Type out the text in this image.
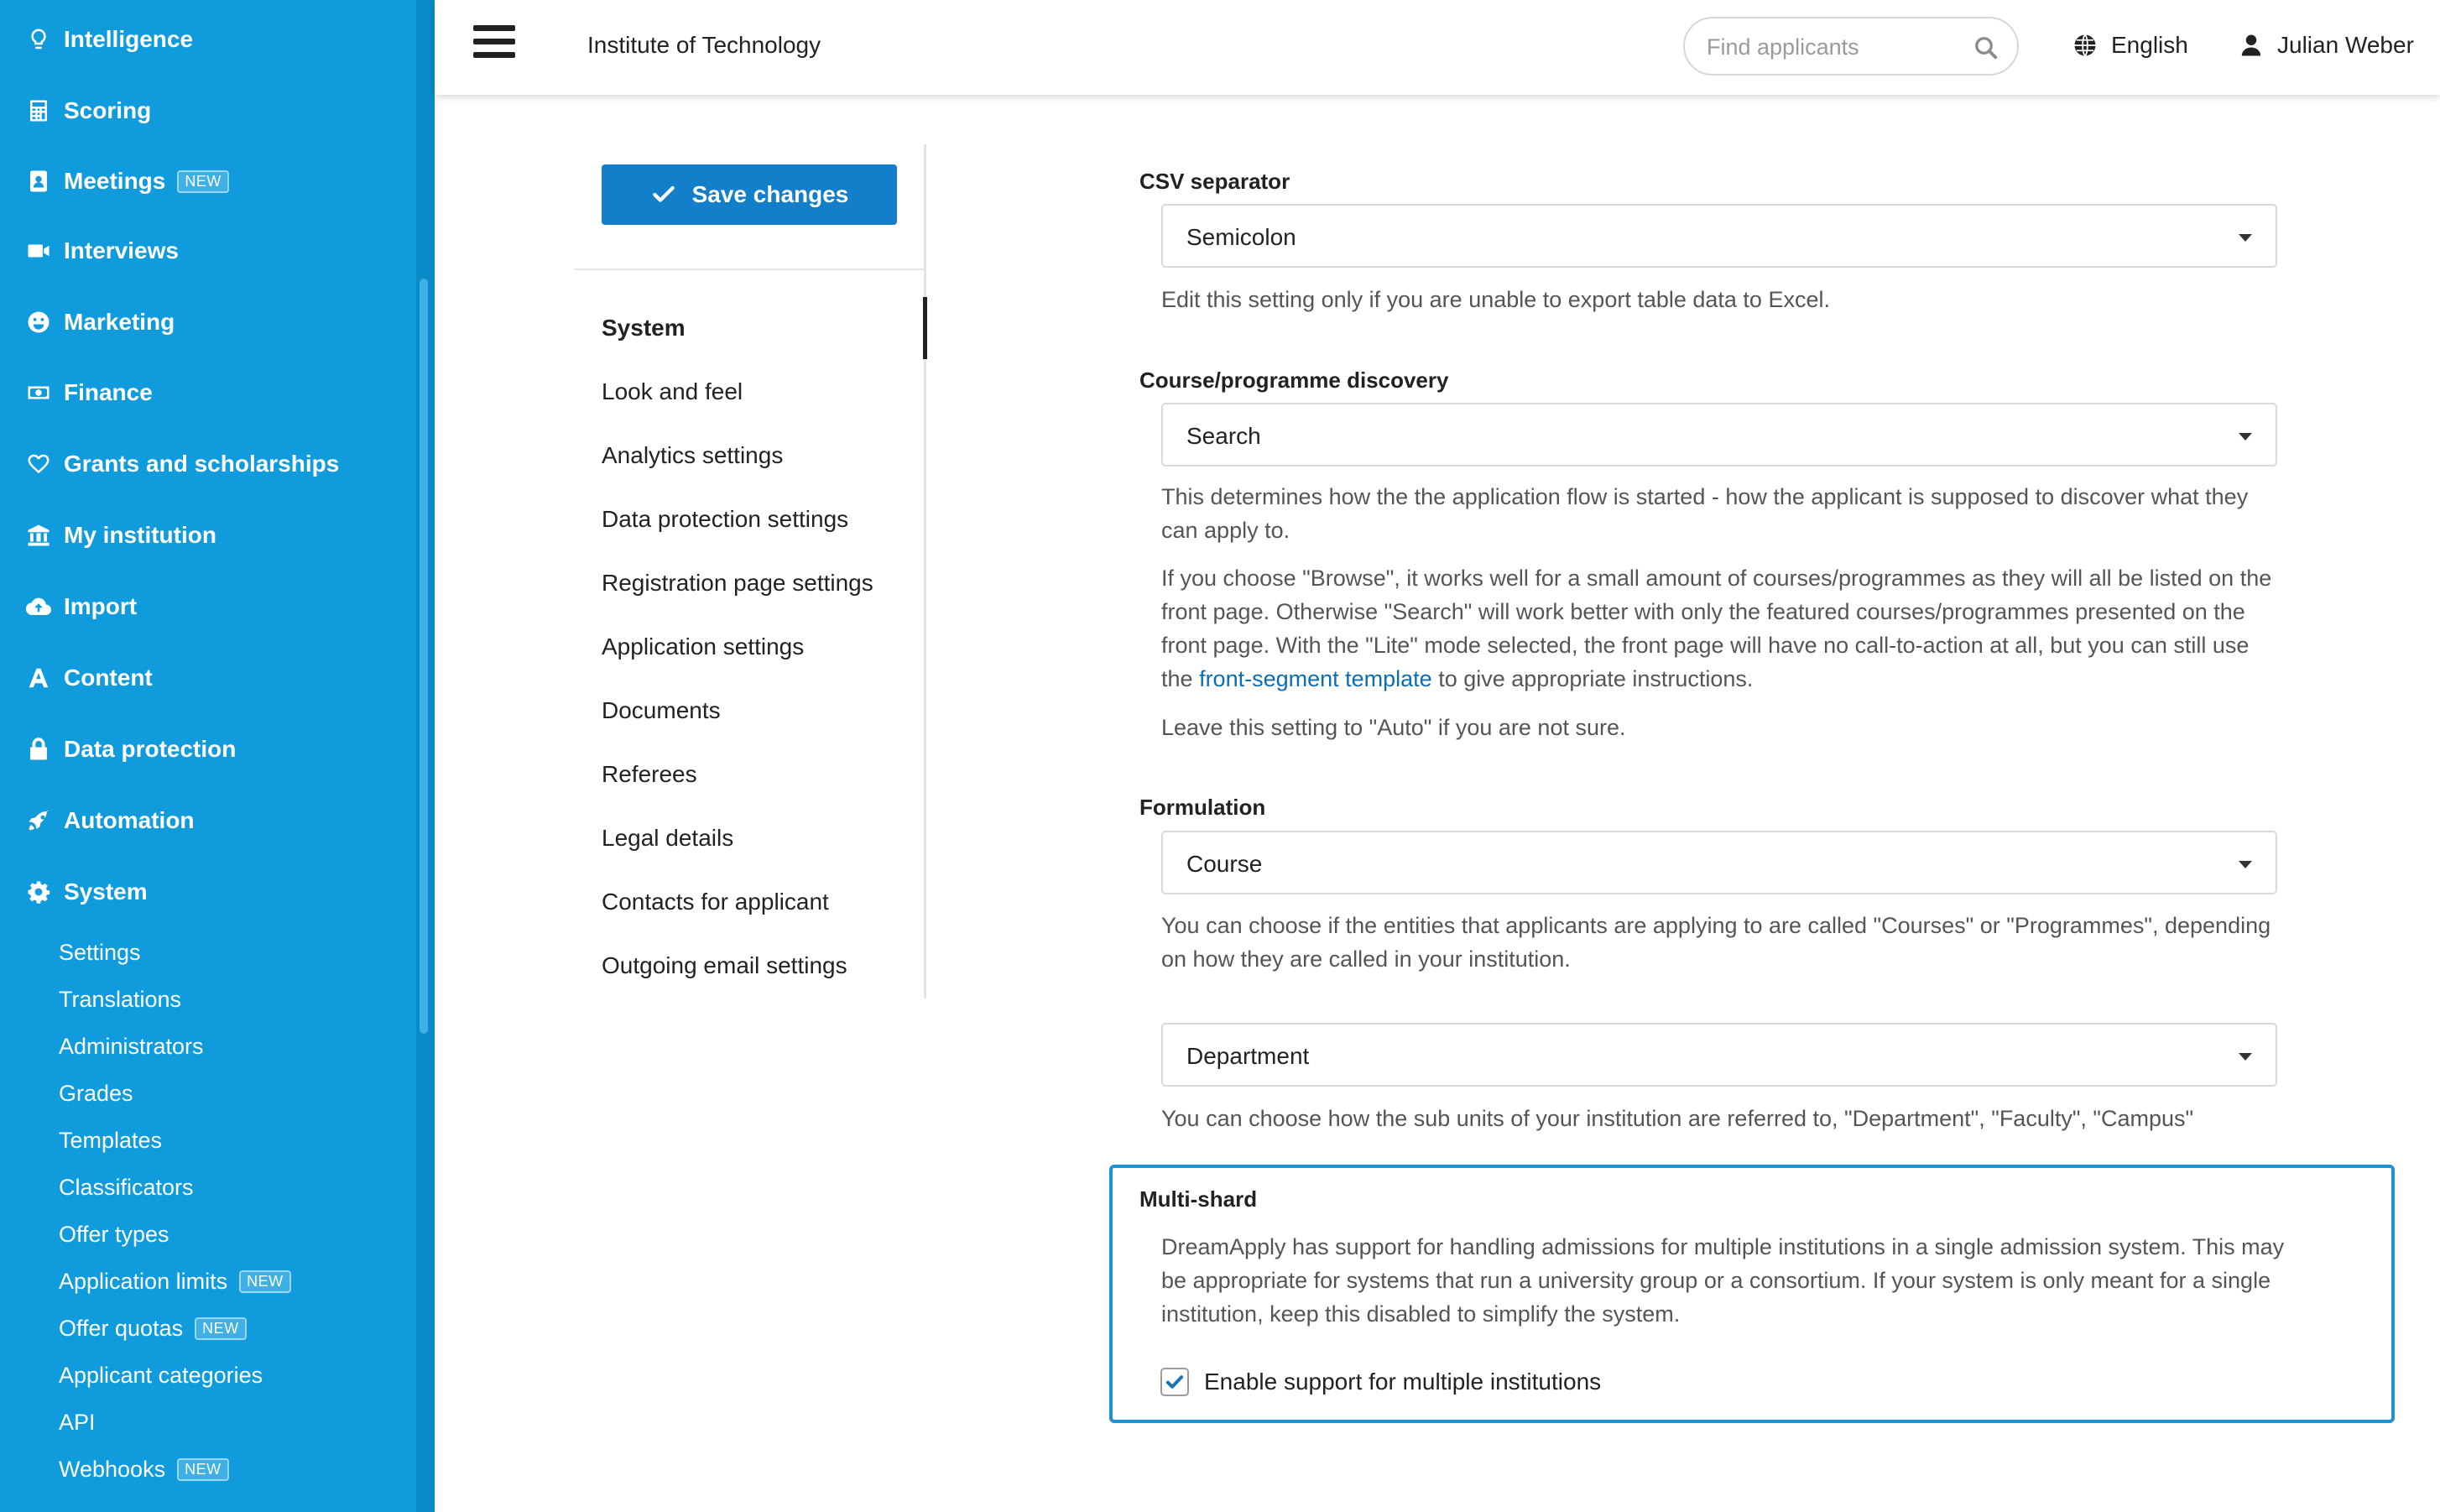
Intelligence
Scoring
Meetings	NEW
Interviews
Marketing
Finance
Grants and scholarships
My institution
Import
Content
Data protection
Automation
System
Settings
Translations
Administrators
Grades
Templates
Classificators
Offer types
Application limits	NEW
Offer quotas	NEW
Applicant categories
API
Webhooks	NEW
Institute of Technology
Find applicants	English	Julian Weber
Save changes
System
Look and feel
Analytics settings
Data protection settings
Registration page settings
Application settings
Documents
Referees
Legal details
Contacts for applicant
Outgoing email settings
CSV separator
Semicolon
Edit this setting only if you are unable to export table data to Excel.
Course/programme discovery
Search
This determines how the the application flow is started - how the applicant is supposed to discover what they can apply to.
If you choose "Browse", it works well for a small amount of courses/programmes as they will all be listed on the front page. Otherwise "Search" will work better with only the featured courses/programmes presented on the front page. With the "Lite" mode selected, the front page will have no call-to-action at all, but you can still use the front-segment template to give appropriate instructions.
Leave this setting to "Auto" if you are not sure.
Formulation
Course
You can choose if the entities that applicants are applying to are called "Courses" or "Programmes", depending on how they are called in your institution.
Department
You can choose how the sub units of your institution are referred to, "Department", "Faculty", "Campus"
Multi-shard
DreamApply has support for handling admissions for multiple institutions in a single admission system. This may be appropriate for systems that run a university group or a consortium. If your system is only meant for a single institution, keep this disabled to simplify the system.
Enable support for multiple institutions
